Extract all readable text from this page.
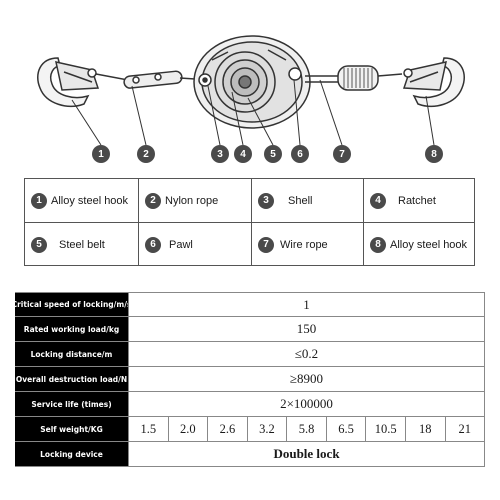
1	2	3	4	5	6	7	8
1 Alloy steel hook	2 Nylon rope	3	Shell	4	Ratchet
5	Steel belt	6	Pawl	7	Wire rope	8 Alloy steel hook
Critical speed of locking/m/s	1
Rated working load/kg	150
Locking distance/m	≤0.2
Overall destruction load/N	≥8900
Service life (times)	2×100000
Self weight/KG	1.5	2.0	2.6	3.2	5.8	6.5	10.5	18	21
Locking device	Double lock
